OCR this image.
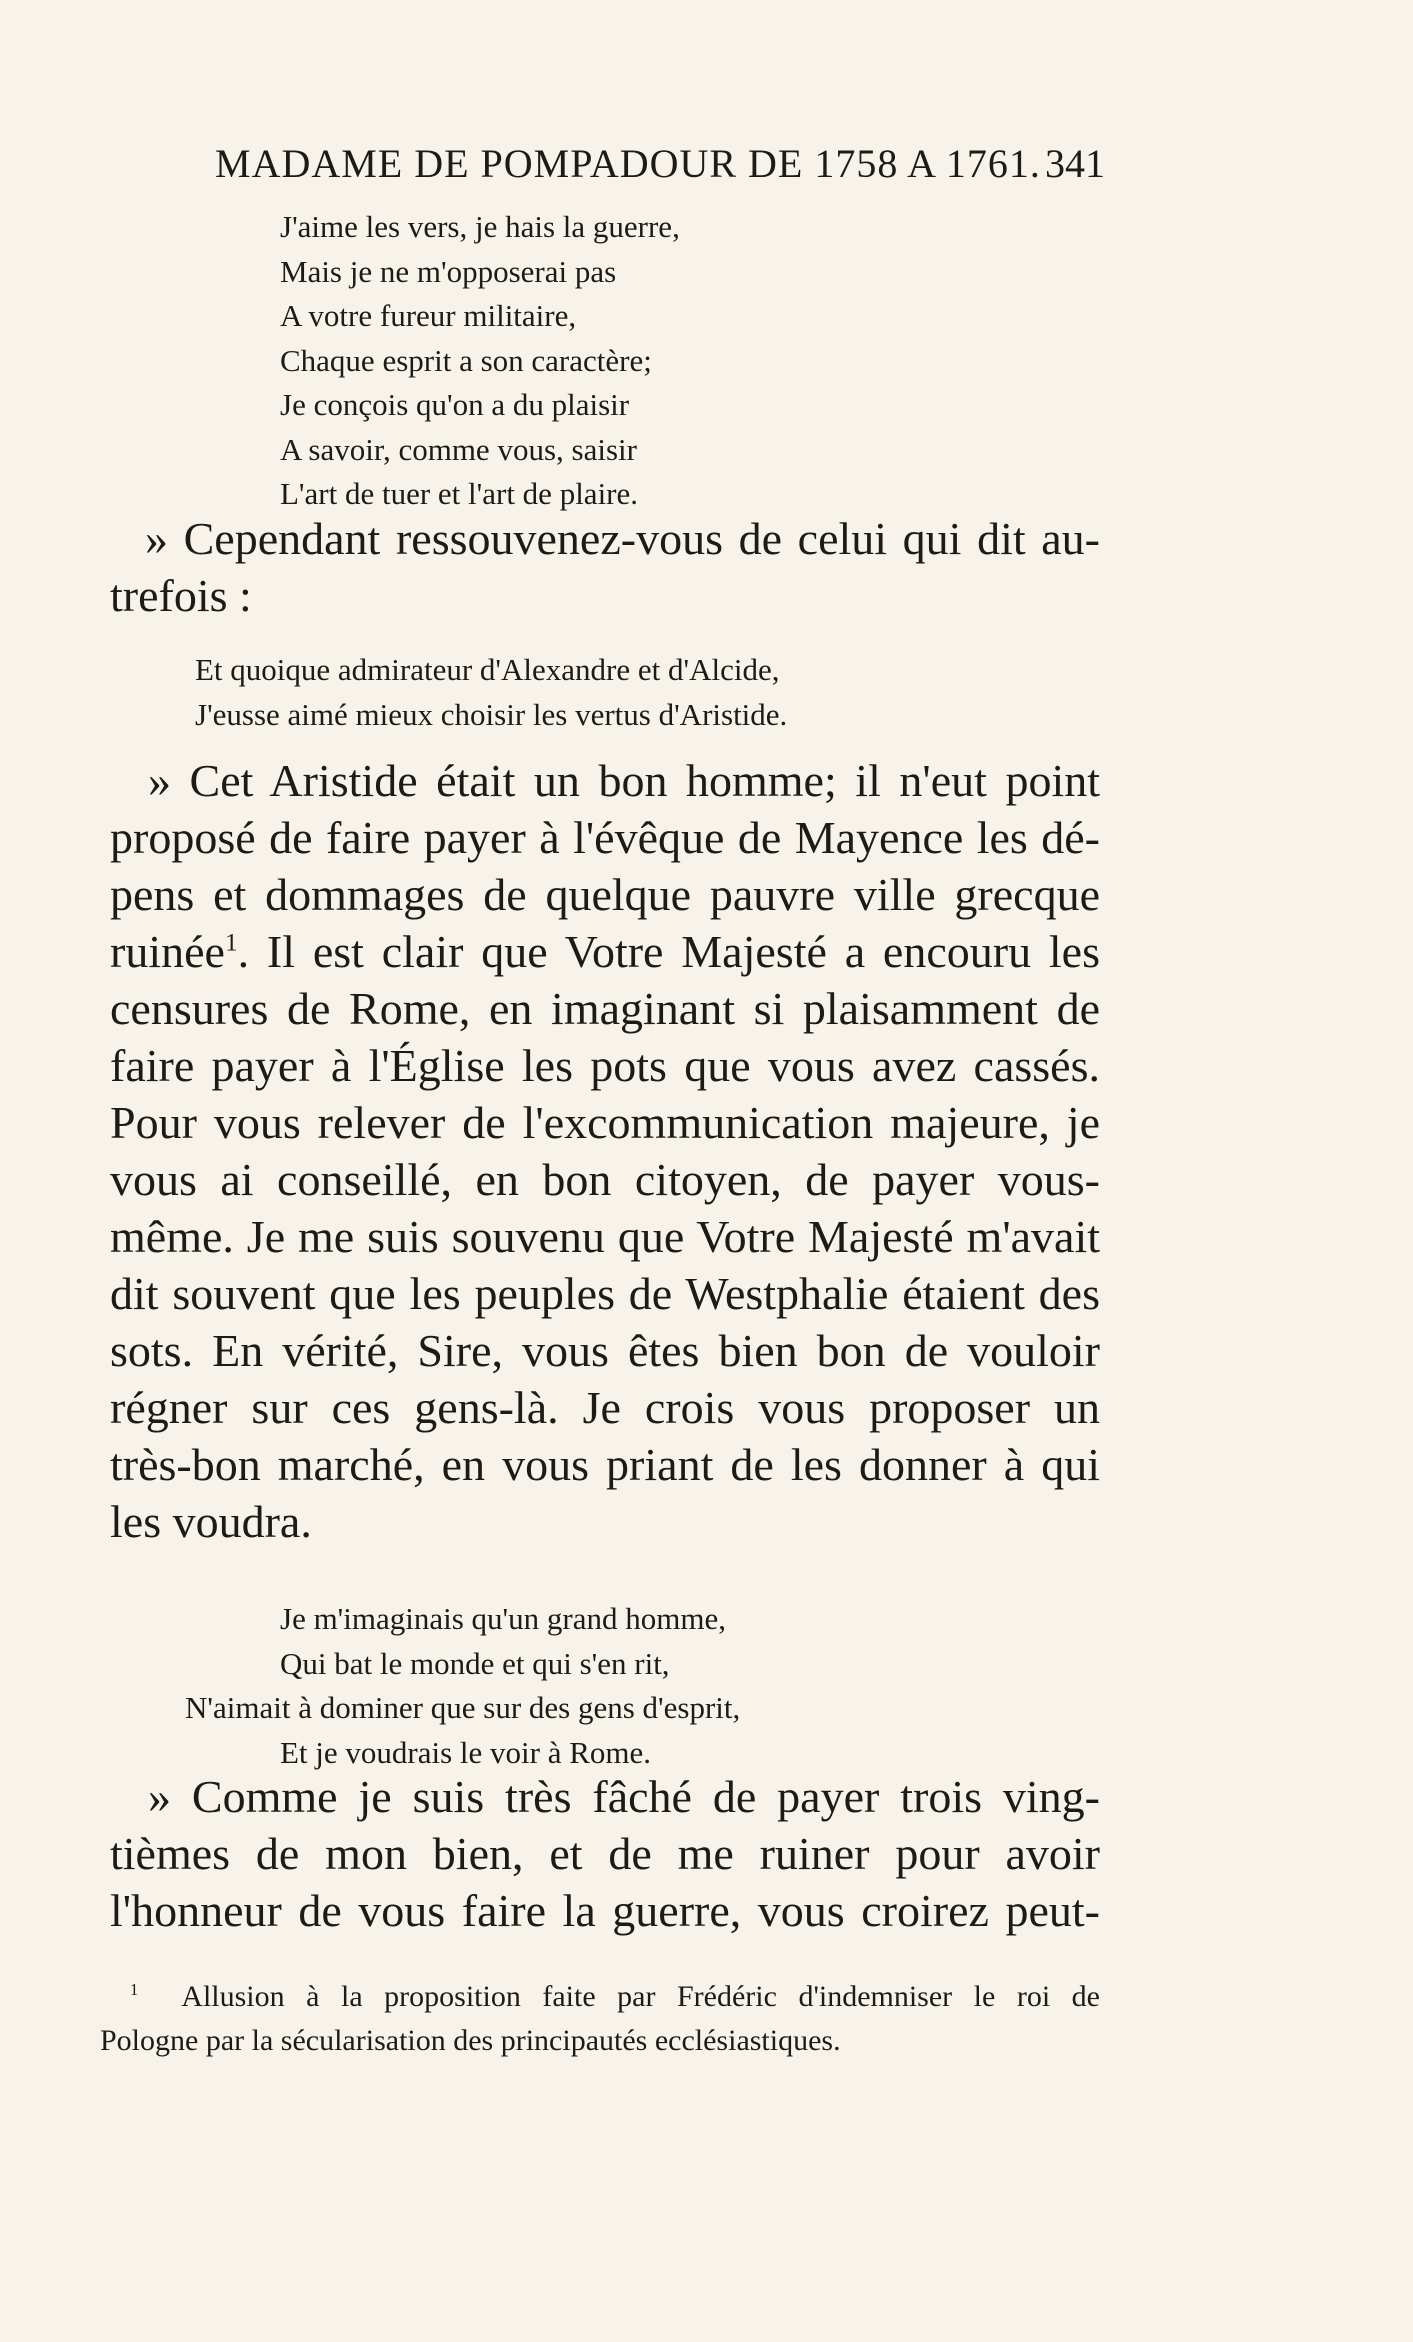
MADAME DE POMPADOUR DE 1758 A 1761. 341
J'aime les vers, je hais la guerre,
Mais je ne m'opposerai pas
A votre fureur militaire,
Chaque esprit a son caractère;
Je conçois qu'on a du plaisir
A savoir, comme vous, saisir
L'art de tuer et l'art de plaire.
» Cependant ressouvenez-vous de celui qui dit au-
trefois :
Et quoique admirateur d'Alexandre et d'Alcide,
J'eusse aimé mieux choisir les vertus d'Aristide.
» Cet Aristide était un bon homme; il n'eut point
proposé de faire payer à l'évêque de Mayence les dé-
pens et dommages de quelque pauvre ville grecque
ruinée$^1$. Il est clair que Votre Majesté a encouru les
censures de Rome, en imaginant si plaisamment de
faire payer à l'Église les pots que vous avez cassés.
Pour vous relever de l'excommunication majeure, je
vous ai conseillé, en bon citoyen, de payer vous-
même. Je me suis souvenu que Votre Majesté m'avait
dit souvent que les peuples de Westphalie étaient des
sots. En vérité, Sire, vous êtes bien bon de vouloir
régner sur ces gens-là. Je crois vous proposer un
très-bon marché, en vous priant de les donner à qui
les voudra.
Je m'imaginais qu'un grand homme,
Qui bat le monde et qui s'en rit,
N'aimait à dominer que sur des gens d'esprit,
Et je voudrais le voir à Rome.
» Comme je suis très fâché de payer trois ving-
tièmes de mon bien, et de me ruiner pour avoir
l'honneur de vous faire la guerre, vous croirez peut-
$^1$ Allusion à la proposition faite par Frédéric d'indemniser le roi de
Pologne par la sécularisation des principautés ecclésiastiques.
